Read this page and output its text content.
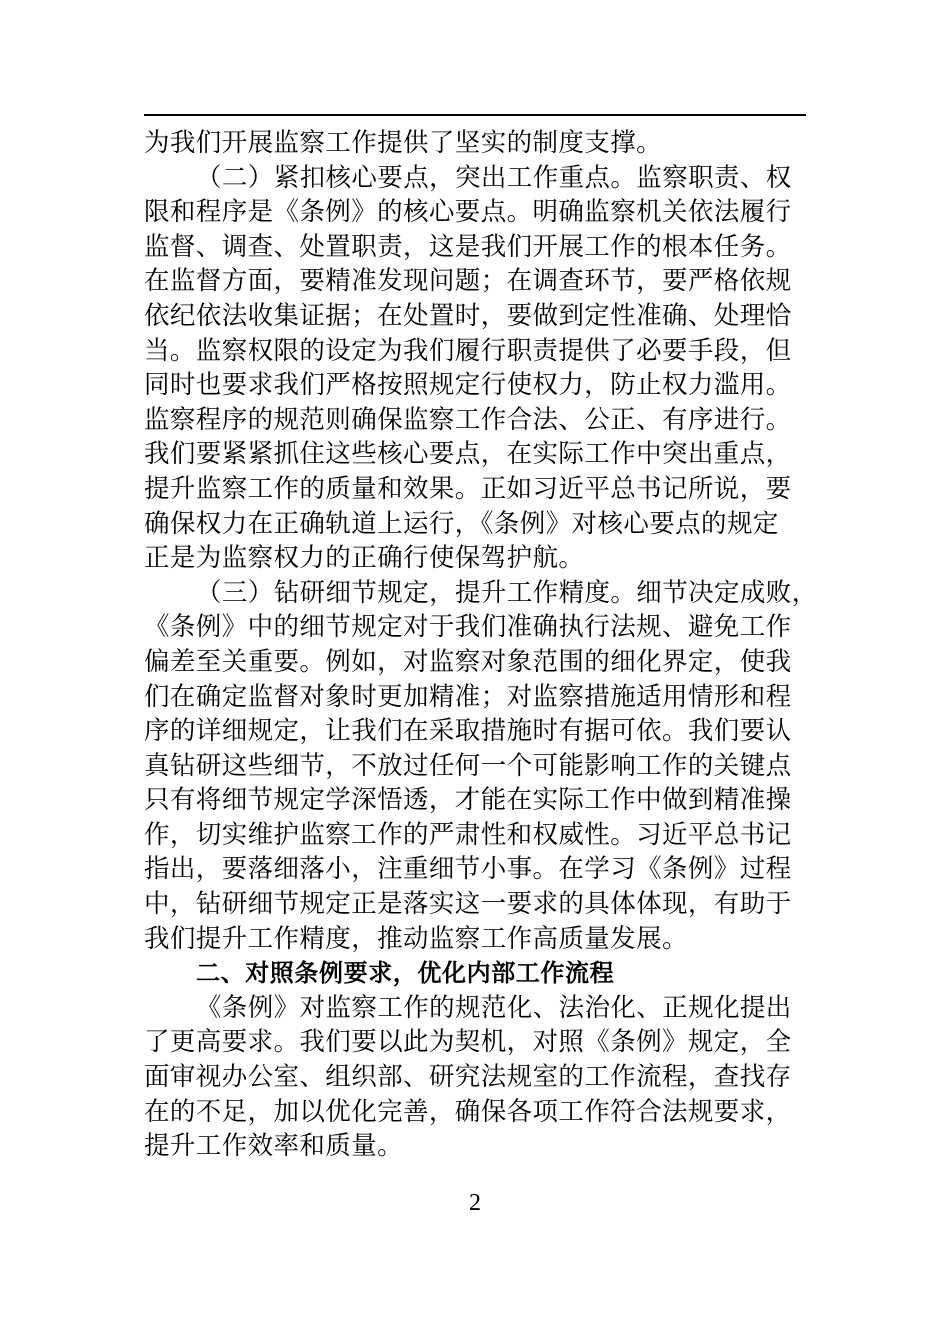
为我们开展监察工作提供了坚实的制度支撑。
（二）紧扣核心要点，突出工作重点。监察职责、权
限和程序是《条例》的核心要点。明确监察机关依法履行
监督、调查、处置职责，这是我们开展工作的根本任务。
在监督方面，要精准发现问题；在调查环节，要严格依规
依纪依法收集证据；在处置时，要做到定性准确、处理恰
当。监察权限的设定为我们履行职责提供了必要手段，但
同时也要求我们严格按照规定行使权力，防止权力滥用。
监察程序的规范则确保监察工作合法、公正、有序进行。
我们要紧紧抓住这些核心要点，在实际工作中突出重点，
提升监察工作的质量和效果。正如习近平总书记所说，要
确保权力在正确轨道上运行，《条例》对核心要点的规定
正是为监察权力的正确行使保驾护航。
（三）钻研细节规定，提升工作精度。细节决定成败，
《条例》中的细节规定对于我们准确执行法规、避免工作
偏差至关重要。例如，对监察对象范围的细化界定，使我
们在确定监督对象时更加精准；对监察措施适用情形和程
序的详细规定，让我们在采取措施时有据可依。我们要认
真钻研这些细节，不放过任何一个可能影响工作的关键点
只有将细节规定学深悟透，才能在实际工作中做到精准操
作，切实维护监察工作的严肃性和权威性。习近平总书记
指出，要落细落小，注重细节小事。在学习《条例》过程
中，钻研细节规定正是落实这一要求的具体体现，有助于
我们提升工作精度，推动监察工作高质量发展。
二、对照条例要求，优化内部工作流程
《条例》对监察工作的规范化、法治化、正规化提出
了更高要求。我们要以此为契机，对照《条例》规定，全
面审视办公室、组织部、研究法规室的工作流程，查找存
在的不足，加以优化完善，确保各项工作符合法规要求，
提升工作效率和质量。
2
